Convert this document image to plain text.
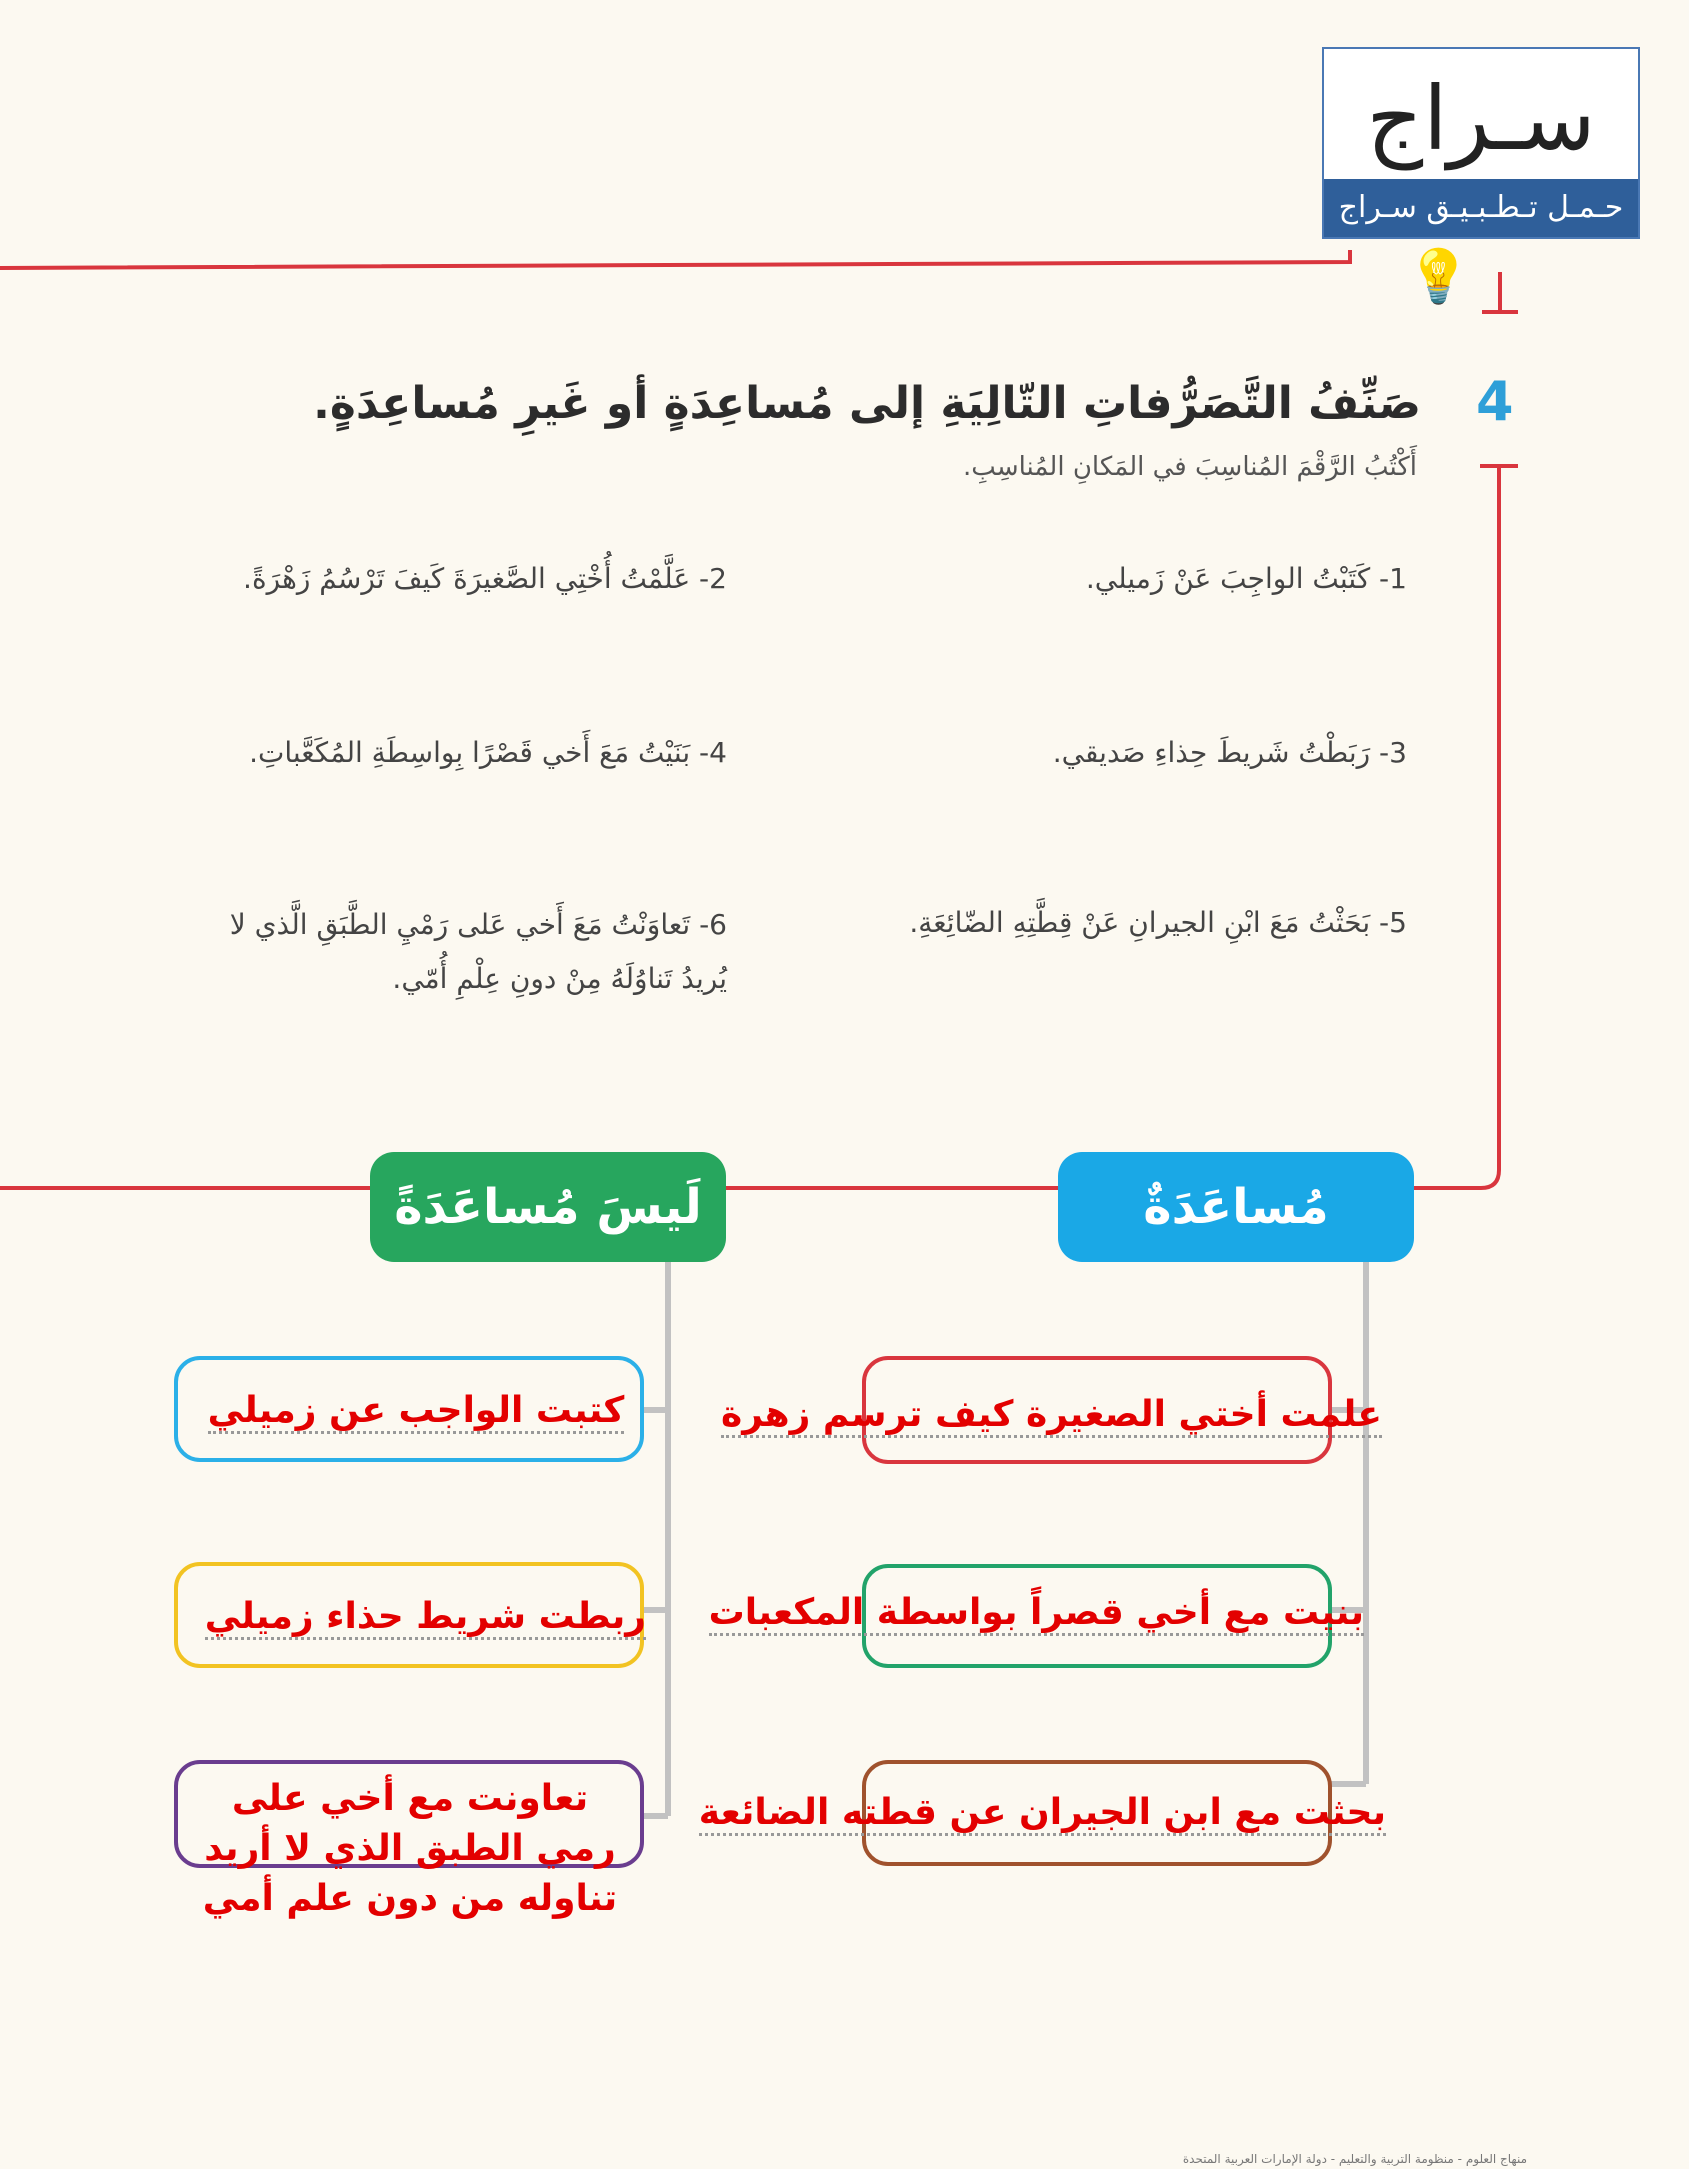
سـراج
حـمـل تـطـبـيـق سـراج
💡
4
صَنِّفُ التَّصَرُّفاتِ التّالِيَةِ إلى مُساعِدَةٍ أو غَيرِ مُساعِدَةٍ.
أَكْتُبُ الرَّقْمَ المُناسِبَ في المَكانِ المُناسِبِ.
1- كَتَبْتُ الواجِبَ عَنْ زَميلي.
2- عَلَّمْتُ أُخْتِي الصَّغيرَةَ كَيفَ تَرْسُمُ زَهْرَةً.
3- رَبَطْتُ شَريطَ حِذاءِ صَديقي.
4- بَنَيْتُ مَعَ أَخي قَصْرًا بِواسِطَةِ المُكَعَّباتِ.
5- بَحَثْتُ مَعَ ابْنِ الجيرانِ عَنْ قِطَّتِهِ الضّائِعَةِ.
6- تَعاوَنْتُ مَعَ أَخي عَلى رَمْيِ الطَّبَقِ الَّذي لا يُريدُ تَناوُلَهُ مِنْ دونِ عِلْمِ أُمّي.
مُساعَدَةٌ
لَيسَ مُساعَدَةً
علمت أختي الصغيرة كيف ترسم زهرة
بنيت مع أخي قصراً بواسطة المكعبات
بحثت مع ابن الجيران عن قطته الضائعة
كتبت الواجب عن زميلي
ربطت شريط حذاء زميلي
تعاونت مع أخي على رمي الطبق الذي لا أريد تناوله من دون علم أمي
منهاج العلوم - منظومة التربية والتعليم - دولة الإمارات العربية المتحدة
